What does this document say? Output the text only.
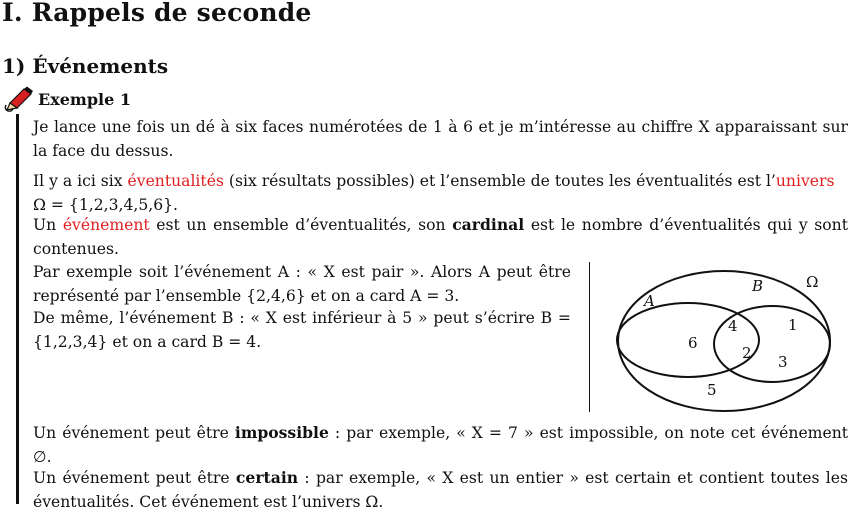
I. Rappels de seconde
1) Événements
Exemple 1
Je lance une fois un dé à six faces numérotées de 1 à 6 et je m’intéresse au chiffre X apparaissant sur la face du dessus.
Il y a ici six éventualités (six résultats possibles) et l’ensemble de toutes les éventualités est l’univers
Ω = {1,2,3,4,5,6}.
Un événement est un ensemble d’éventualités, son cardinal est le nombre d’éventualités qui y sont contenues.
Par exemple soit l’événement A : « X est pair ». Alors A peut être représenté par l’ensemble {2,4,6} et on a card A = 3.
De même, l’événement B : « X est inférieur à 5 » peut s’écrire B = {1,2,3,4} et on a card B = 4.
A
B	Ω
6
4
2
1
3
5
Un événement peut être impossible : par exemple, « X = 7 » est impossible, on note cet événement ∅.
Un événement peut être certain : par exemple, « X est un entier » est certain et contient toutes les éventualités. Cet événement est l’univers Ω.
